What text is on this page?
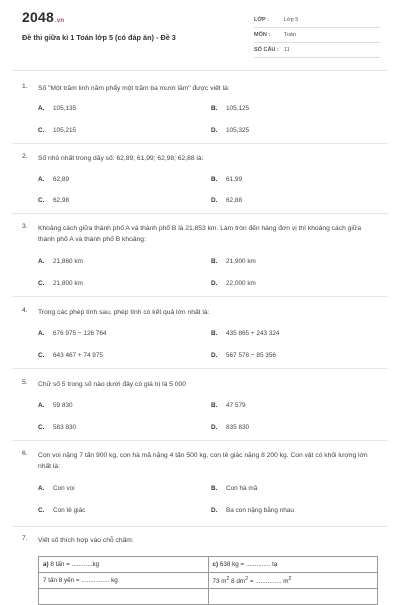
2048.vn
Đề thi giữa kì 1 Toán lớp 5 (có đáp án) - Đề 3
LỚP :	Lớp 5
MÔN :	Toán
SỐ CÂU : 11
1. Số "Một trăm linh năm phẩy một trăm ba mươi lăm" được viết là:
A. 105,135	B. 105,125
C. 105,215	D. 105,325
2. Số nhỏ nhất trong dãy số: 62,89; 61,99; 62,98; 62,88 là:
A. 62,89	B. 61,99
C. 62,98	D. 62,88
3. Khoảng cách giữa thành phố A và thành phố B là 21,853 km. Làm tròn đến hàng đơn vị thì khoảng cách giữa thành phố A và thành phố B khoảng:
A. 21,860 km	B. 21,900 km
C. 21,800 km	D. 22,000 km
4. Trong các phép tính sau, phép tính có kết quả lớn nhất là:
A. 676 975 − 126 764	B. 435 865 + 243 324
C. 643 467 + 74 975	D. 567 578 − 85 356
5. Chữ số 5 trong số nào dưới đây có giá trị là 5 000
A. 59 830	B. 47 579
C. 583 830	D. 835 830
6. Con voi nặng 7 tấn 900 kg, con hà mã nặng 4 tấn 500 kg, con tê giác nặng 8 200 kg. Con vật có khối lượng lớn nhất là:
A. Con voi	B. Con hà mã
C. Con tê giác	D. Ba con nặng bằng nhau
7. Viết số thích hợp vào chỗ chấm:
a) 8 tấn = ............kg	c) 638 kg = .............. tạ
7 tấn 8 yến = ................ kg	73 $m^2$ 8 $dm^2$ = ............... $m^2$
